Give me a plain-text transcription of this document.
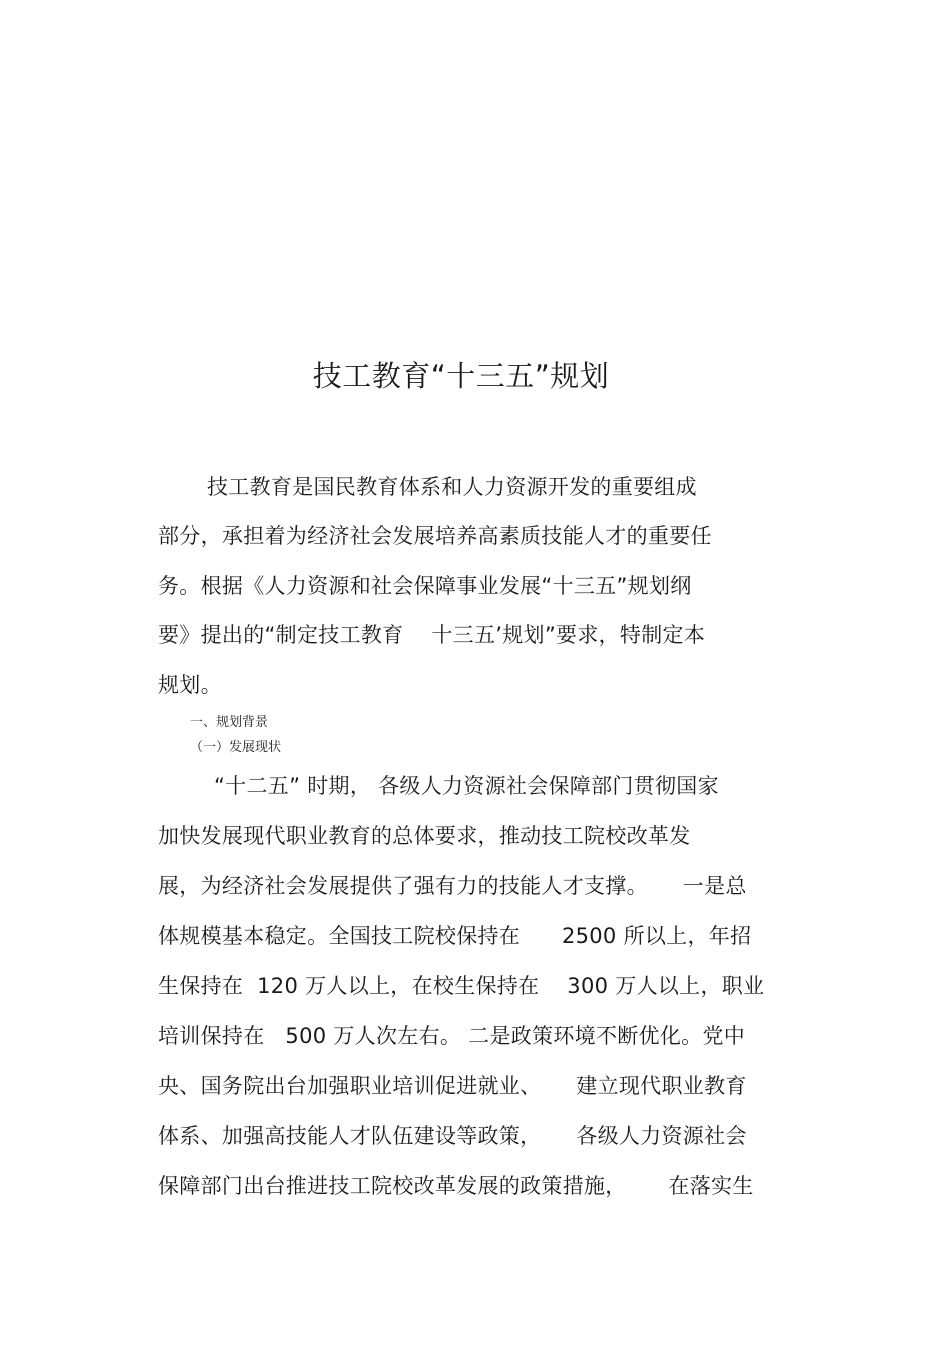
技工教育“十三五”规划
技工教育是国民教育体系和人力资源开发的重要组成
部分，承担着为经济社会发展培养高素质技能人才的重要任
务。根据《人力资源和社会保障事业发展“十三五”规划纲
要》提出的“制定技工教育    十三五’规划”要求，特制定本
规划。
一、规划背景
（一）发展现状
“十二五” 时期， 各级人力资源社会保障部门贯彻国家
加快发展现代职业教育的总体要求，推动技工院校改革发
展，为经济社会发展提供了强有力的技能人才支撑。     一是总
体规模基本稳定。全国技工院校保持在      2500 所以上，年招
生保持在  120 万人以上，在校生保持在    300 万人以上，职业
培训保持在   500 万人次左右。 二是政策环境不断优化。党中
央、国务院出台加强职业培训促进就业、     建立现代职业教育
体系、加强高技能人才队伍建设等政策，     各级人力资源社会
保障部门出台推进技工院校改革发展的政策措施，      在落实生
